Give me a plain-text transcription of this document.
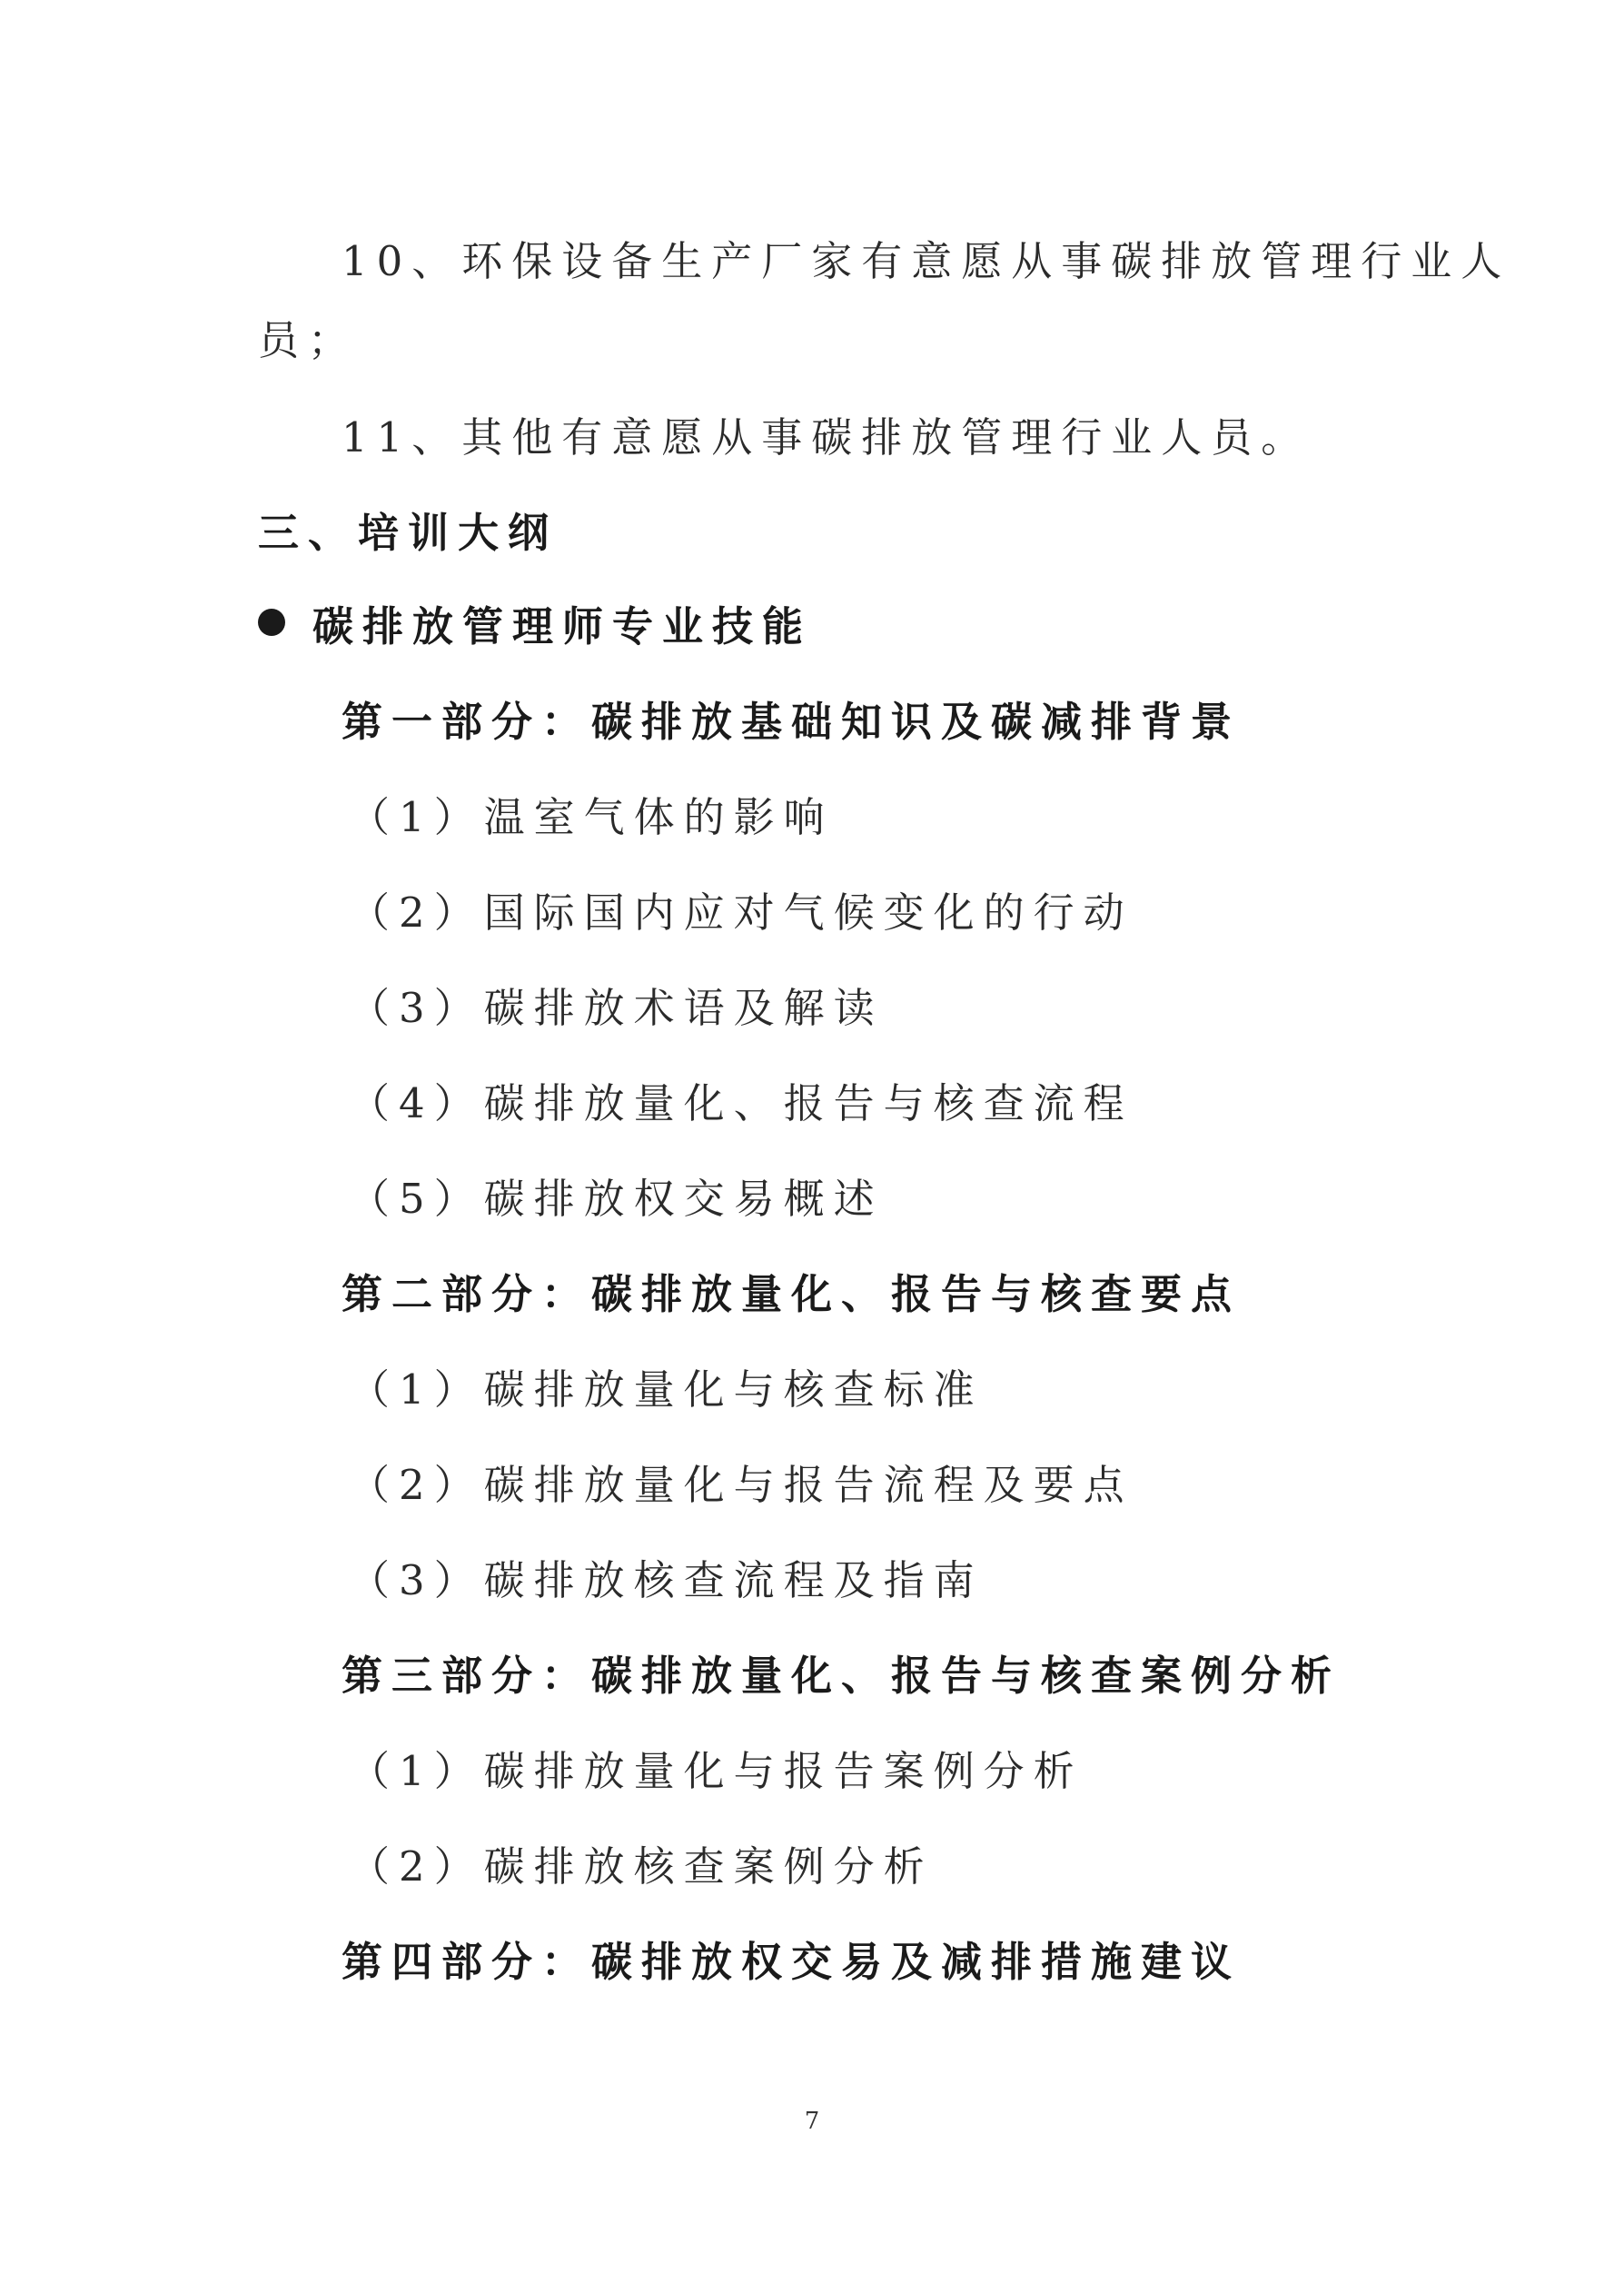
10、环保设备生产厂家有意愿从事碳排放管理行业人
员；
11、其他有意愿从事碳排放管理行业人员。
三、培训大纲
碳排放管理师专业技能
第一部分：碳排放基础知识及碳减排背景
（1）温室气体的影响
（2）国际国内应对气候变化的行动
（3）碳排放术语及解读
（4）碳排放量化、报告与核查流程
（5）碳排放权交易概述
第二部分：碳排放量化、报告与核查要点
（1）碳排放量化与核查标准
（2）碳排放量化与报告流程及要点
（3）碳排放核查流程及指南
第三部分：碳排放量化、报告与核查案例分析
（1）碳排放量化与报告案例分析
（2）碳排放核查案例分析
第四部分：碳排放权交易及减排措施建议
7
